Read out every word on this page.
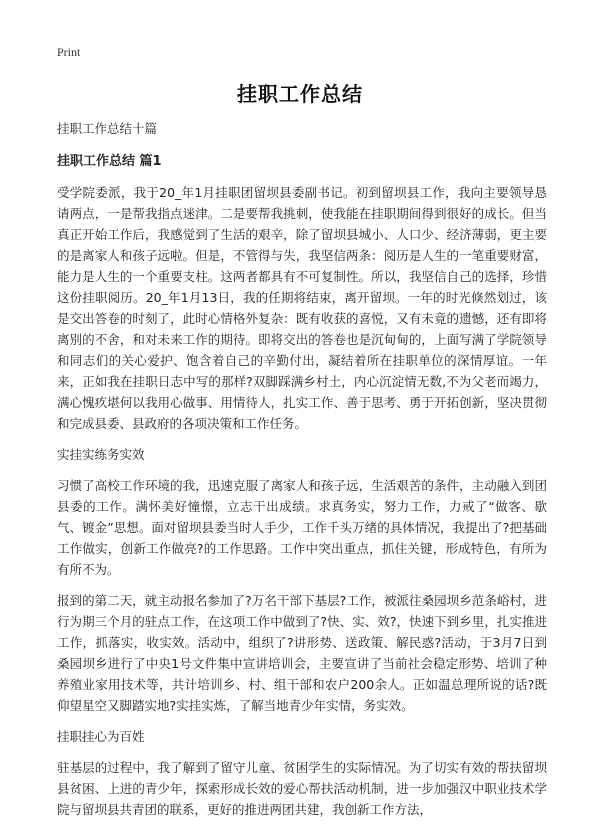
Print
挂职工作总结

挂职工作总结十篇

挂职工作总结 篇1

受学院委派，我于20_年1月挂职团留坝县委副书记。初到留坝县工作，我向主要领导恳请两点，一是帮我指点迷津。二是要帮我挑刺，使我能在挂职期间得到很好的成长。但当真正开始工作后，我感觉到了生活的艰辛，除了留坝县城小、人口少、经济薄弱，更主要的是离家人和孩子远啦。但是，不管得与失，我坚信两条：阅历是人生的一笔重要财富，能力是人生的一个重要支柱。这两者都具有不可复制性。所以，我坚信自己的选择，珍惜这份挂职阅历。20_年1月13日，我的任期将结束，离开留坝。一年的时光倏然划过，该是交出答卷的时刻了，此时心情格外复杂：既有收获的喜悦，又有未竟的遗憾，还有即将离别的不舍，和对未来工作的期待。即将交出的答卷也是沉甸甸的，上面写满了学院领导和同志们的关心爱护、饱含着自己的辛勤付出，凝结着所在挂职单位的深情厚谊。一年来，正如我在挂职日志中写的那样?双脚踩满乡村土，内心沉淀情无数,不为父老而竭力，满心愧疚堪何以我用心做事、用情待人，扎实工作、善于思考、勇于开拓创新，坚决贯彻和完成县委、县政府的各项决策和工作任务。

实挂实练务实效

习惯了高校工作环境的我，迅速克服了离家人和孩子远，生活艰苦的条件，主动融入到团县委的工作。满怀美好憧憬，立志干出成绩。求真务实，努力工作，力戒了“做客、歇气、镀金”思想。面对留坝县委当时人手少，工作千头万绪的具体情况，我提出了?把基础工作做实，创新工作做亮?的工作思路。工作中突出重点，抓住关键，形成特色，有所为有所不为。

报到的第二天，就主动报名参加了?万名干部下基层?工作，被派往桑园坝乡范条峪村，进行为期三个月的驻点工作，在这项工作中做到了?快、实、效?，快速下到乡里，扎实推进工作，抓落实，收实效。活动中，组织了?讲形势、送政策、解民惑?活动，于3月7日到桑园坝乡进行了中央1号文件集中宣讲培训会，主要宣讲了当前社会稳定形势、培训了种养殖业家用技术等，共计培训乡、村、组干部和农户200余人。正如温总理所说的话?既仰望星空又脚踏实地?实挂实炼，了解当地青少年实情，务实效。

挂职挂心为百姓

驻基层的过程中，我了解到了留守儿童、贫困学生的实际情况。为了切实有效的帮扶留坝县贫困、上进的青少年，探索形成长效的爱心帮扶活动机制，进一步加强汉中职业技术学院与留坝县共青团的联系，更好的推进两团共建，我创新工作方法，
